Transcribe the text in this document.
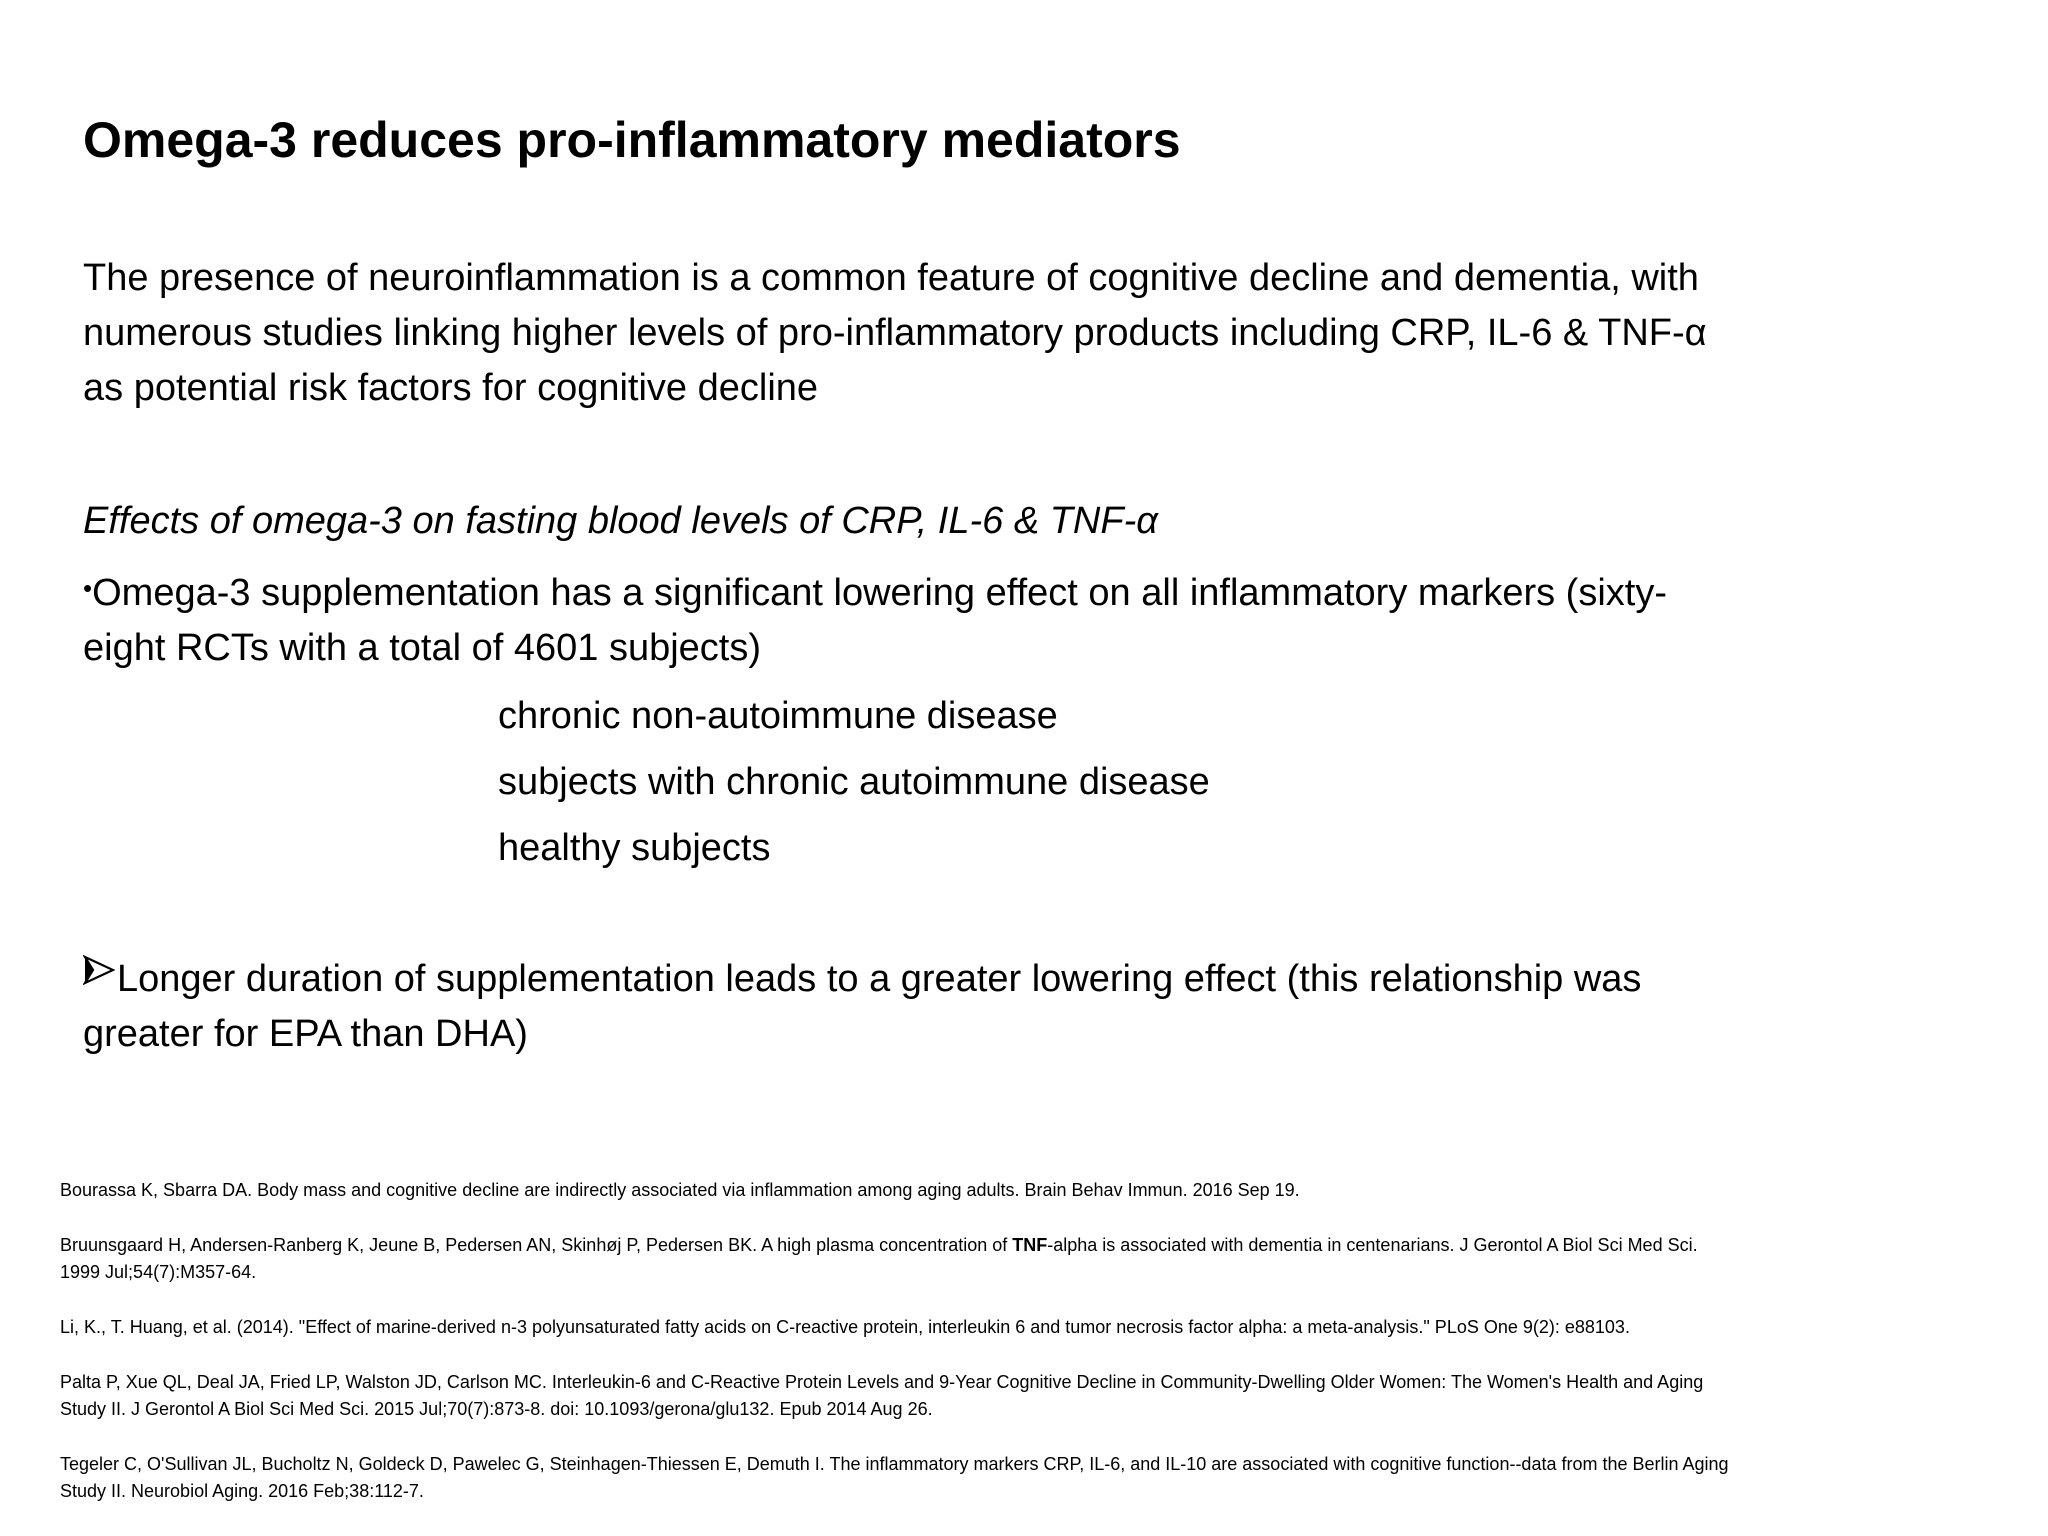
Omega-3 reduces pro-inflammatory mediators
The presence of neuroinflammation is a common feature of cognitive decline and dementia, with
numerous studies linking higher levels of pro-inflammatory products including CRP, IL-6 & TNF-α
as potential risk factors for cognitive decline
Effects of omega-3 on fasting blood levels of CRP, IL-6 & TNF-α
•Omega-3 supplementation has a significant lowering effect on all inflammatory markers (sixty-
eight RCTs with a total of 4601 subjects)
chronic non-autoimmune disease
subjects with chronic autoimmune disease
healthy subjects
Longer duration of supplementation leads to a greater lowering effect (this relationship was
greater for EPA than DHA)
Bourassa K, Sbarra DA. Body mass and cognitive decline are indirectly associated via inflammation among aging adults. Brain Behav Immun. 2016 Sep 19.
Bruunsgaard H, Andersen-Ranberg K, Jeune B, Pedersen AN, Skinhøj P, Pedersen BK. A high plasma concentration of TNF-alpha is associated with dementia in centenarians. J Gerontol A Biol Sci Med Sci.
1999 Jul;54(7):M357-64.
Li, K., T. Huang, et al. (2014). "Effect of marine-derived n-3 polyunsaturated fatty acids on C-reactive protein, interleukin 6 and tumor necrosis factor alpha: a meta-analysis." PLoS One 9(2): e88103.
Palta P, Xue QL, Deal JA, Fried LP, Walston JD, Carlson MC. Interleukin-6 and C-Reactive Protein Levels and 9-Year Cognitive Decline in Community-Dwelling Older Women: The Women's Health and Aging
Study II. J Gerontol A Biol Sci Med Sci. 2015 Jul;70(7):873-8. doi: 10.1093/gerona/glu132. Epub 2014 Aug 26.
Tegeler C, O'Sullivan JL, Bucholtz N, Goldeck D, Pawelec G, Steinhagen-Thiessen E, Demuth I. The inflammatory markers CRP, IL-6, and IL-10 are associated with cognitive function--data from the Berlin Aging
Study II. Neurobiol Aging. 2016 Feb;38:112-7.
